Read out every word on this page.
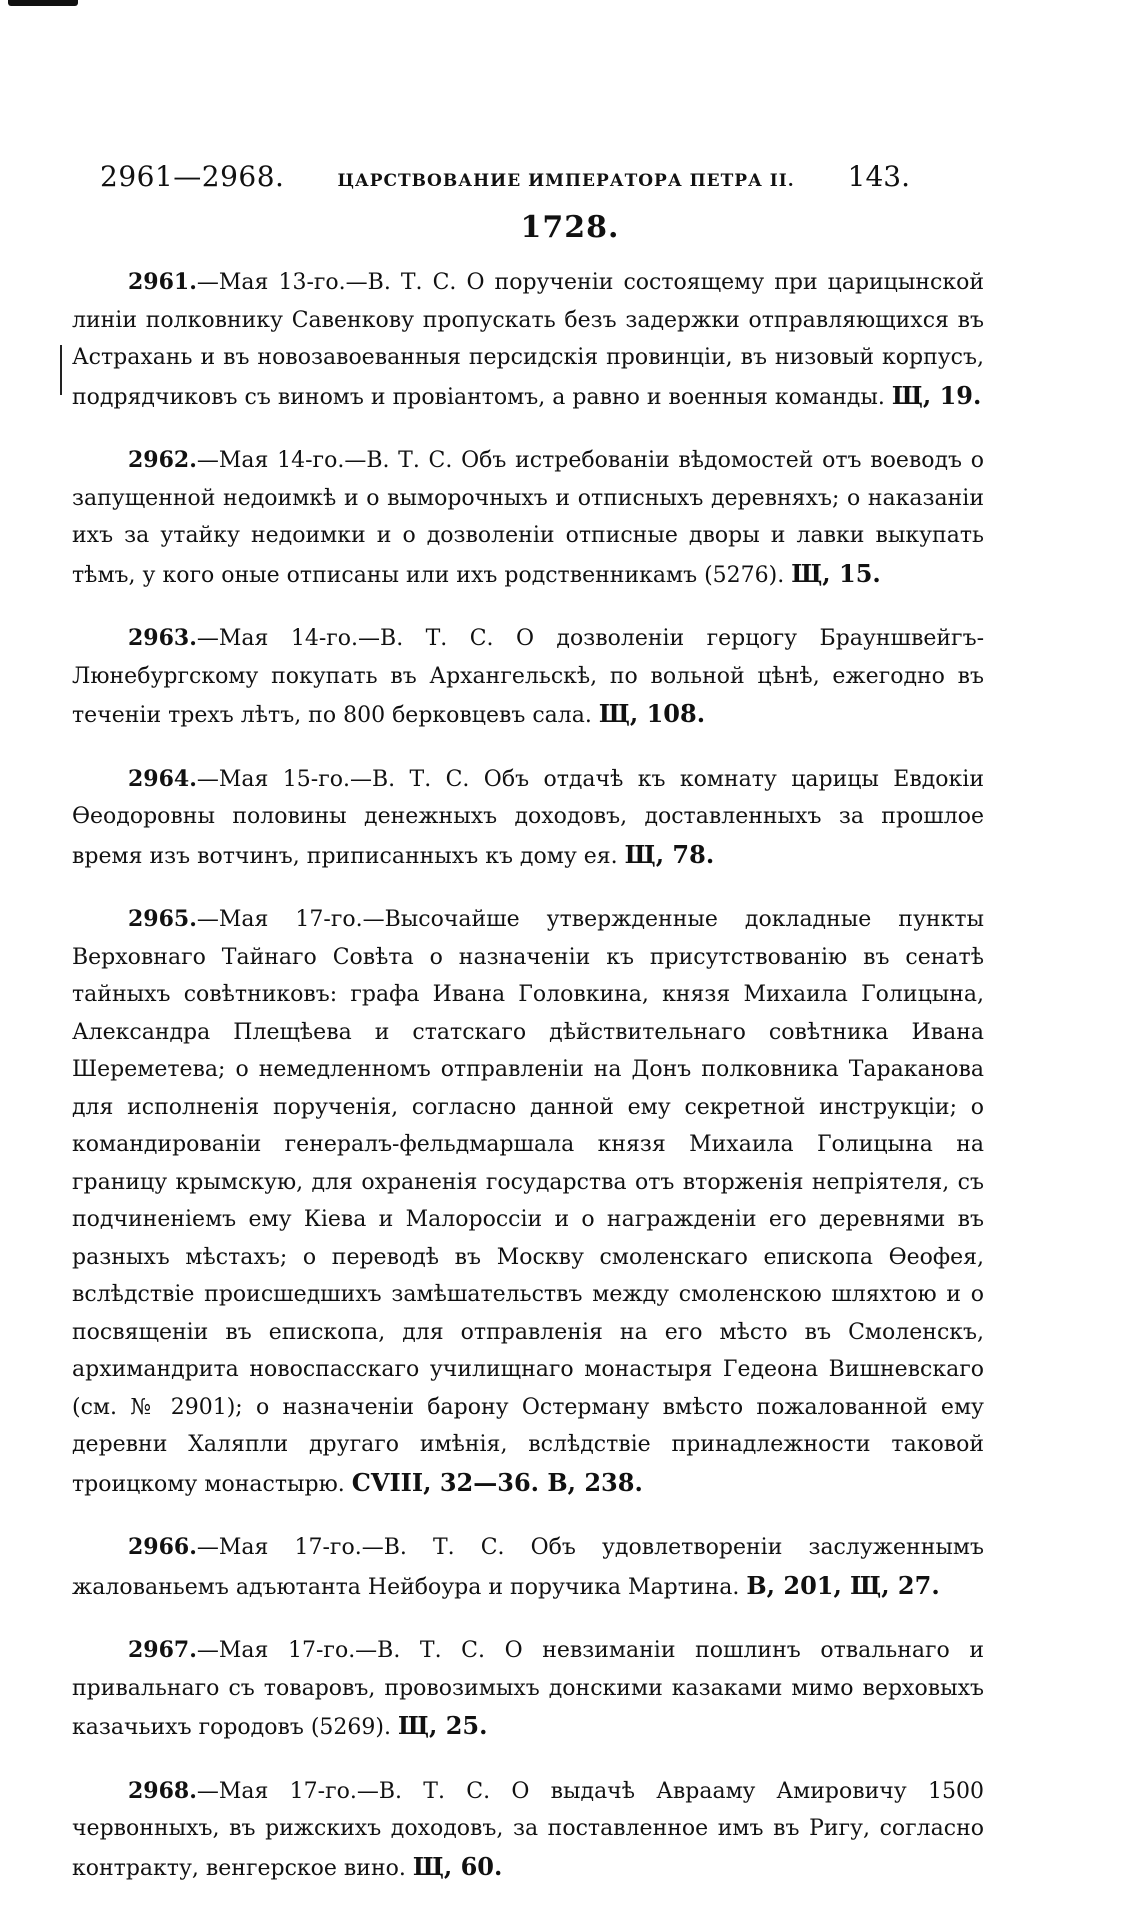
2961—2968.	ЦАРСТВОВАНИЕ ИМПЕРАТОРА ПЕТРА II. 143.
1728.

2961.—Мая 13-го.—В. Т. С. О порученіи состоящему при царицынской линіи полковнику Савенкову пропускать безъ задержки отправляющихся въ Астрахань и въ новозавоеванныя персидскія провинціи, въ низовый корпусъ, подрядчиковъ съ виномъ и провіантомъ, а равно и военныя команды. Щ, 19.

2962.—Мая 14-го.—В. Т. С. Объ истребованіи вѣдомостей отъ воеводъ о запущенной недоимкѣ и о выморочныхъ и отписныхъ деревняхъ; о наказаніи ихъ за утайку недоимки и о дозволеніи отписные дворы и лавки выкупать тѣмъ, у кого оные отписаны или ихъ родственникамъ (5276). Щ, 15.

2963.—Мая 14-го.—В. Т. С. О дозволеніи герцогу Брауншвейгъ-Люнебургскому покупать въ Архангельскѣ, по вольной цѣнѣ, ежегодно въ теченіи трехъ лѣтъ, по 800 берковцевъ сала. Щ, 108.

2964.—Мая 15-го.—В. Т. С. Объ отдачѣ къ комнату царицы Евдокіи Ѳеодоровны половины денежныхъ доходовъ, доставленныхъ за прошлое время изъ вотчинъ, приписанныхъ къ дому ея. Щ, 78.

2965.—Мая 17-го.—Высочайше утвержденные докладные пункты Верховнаго Тайнаго Совѣта о назначеніи къ присутствованію въ сенатѣ тайныхъ совѣтниковъ: графа Ивана Головкина, князя Михаила Голицына, Александра Плещѣева и статскаго дѣйствительнаго совѣтника Ивана Шереметева; о немедленномъ отправленіи на Донъ полковника Тараканова для исполненія порученія, согласно данной ему секретной инструкціи; о командированіи генералъ-фельдмаршала князя Михаила Голицына на границу крымскую, для охраненія государства отъ вторженія непріятеля, съ подчиненіемъ ему Кіева и Малороссіи и о награжденіи его деревнями въ разныхъ мѣстахъ; о переводѣ въ Москву смоленскаго епископа Ѳеофея, вслѣдствіе происшедшихъ замѣшательствъ между смоленскою шляхтою и о посвященіи въ епископа, для отправленія на его мѣсто въ Смоленскъ, архимандрита новоспасскаго училищнаго монастыря Гедеона Вишневскаго (см. № 2901); о назначеніи барону Остерману вмѣсто пожалованной ему деревни Халяпли другаго имѣнія, вслѣдствіе принадлежности таковой троицкому монастырю. CVIII, 32—36. В, 238.

2966.—Мая 17-го.—В. Т. С. Объ удовлетвореніи заслуженнымъ жалованьемъ адъютанта Нейбоура и поручика Мартина. В, 201, Щ, 27.

2967.—Мая 17-го.—В. Т. С. О невзиманіи пошлинъ отвальнаго и привальнаго съ товаровъ, провозимыхъ донскими казаками мимо верховыхъ казачьихъ городовъ (5269). Щ, 25.

2968.—Мая 17-го.—В. Т. С. О выдачѣ Авраамy Амировичу 1500 червонныхъ, въ рижскихъ доходовъ, за поставленное имъ въ Ригу, согласно контракту, венгерское вино. Щ, 60.
